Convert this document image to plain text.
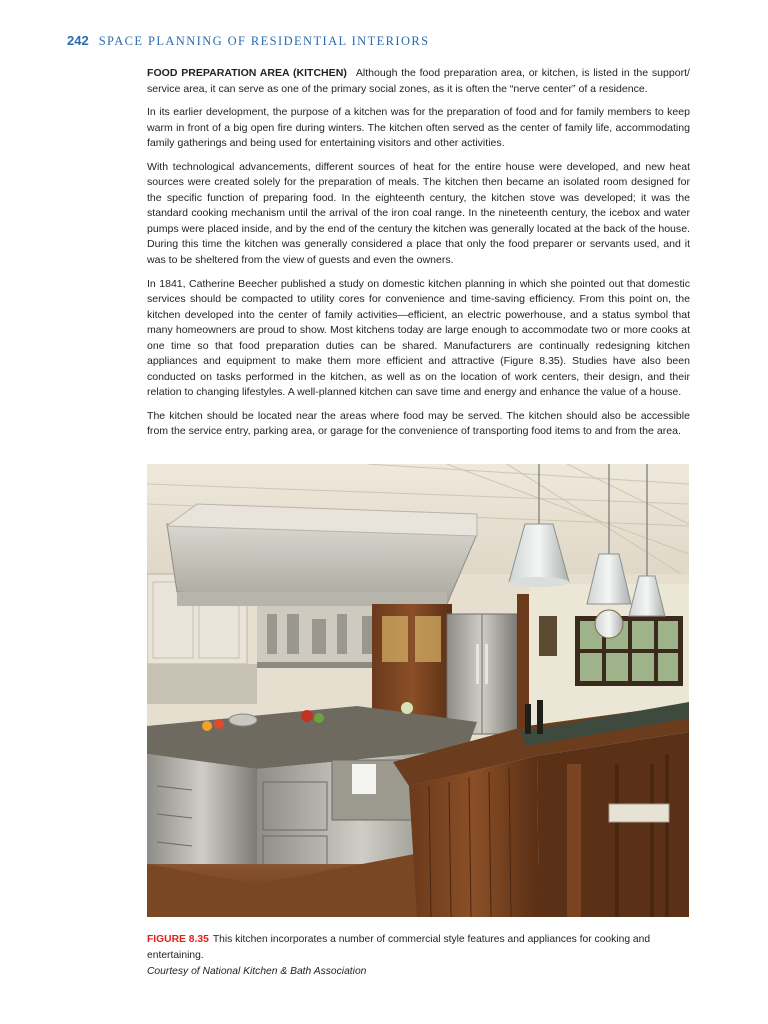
242 SPACE PLANNING OF RESIDENTIAL INTERIORS

FOOD PREPARATION AREA (KITCHEN) Although the food preparation area, or kitchen, is listed in the support/ service area, it can serve as one of the primary social zones, as it is often the “nerve center” of a residence.

In its earlier development, the purpose of a kitchen was for the preparation of food and for family members to keep warm in front of a big open fire during winters. The kitchen often served as the center of family life, accommodating family gatherings and being used for entertaining visitors and other activities.

With technological advancements, different sources of heat for the entire house were developed, and new heat sources were created solely for the preparation of meals. The kitchen then became an isolated room designed for the specific function of preparing food. In the eighteenth century, the kitchen stove was developed; it was the standard cooking mechanism until the arrival of the iron coal range. In the nineteenth century, the icebox and water pumps were placed inside, and by the end of the century the kitchen was generally located at the back of the house. During this time the kitchen was generally considered a place that only the food preparer or servants used, and it was to be sheltered from the view of guests and even the owners.

In 1841, Catherine Beecher published a study on domestic kitchen planning in which she pointed out that domestic services should be compacted to utility cores for convenience and time-saving efficiency. From this point on, the kitchen developed into the center of family activities—efficient, an electric powerhouse, and a status symbol that many homeowners are proud to show. Most kitchens today are large enough to accommodate two or more cooks at one time so that food preparation duties can be shared. Manufacturers are continually redesigning kitchen appliances and equipment to make them more efficient and attractive (Figure 8.35). Studies have also been conducted on tasks performed in the kitchen, as well as on the location of work centers, their design, and their relation to changing lifestyles. A well-planned kitchen can save time and energy and enhance the value of a house.

The kitchen should be located near the areas where food may be served. The kitchen should also be accessible from the service entry, parking area, or garage for the convenience of transporting food items to and from the area.

FIGURE 8.35 This kitchen incorporates a number of commercial style features and appliances for cooking and entertaining.
Courtesy of National Kitchen & Bath Association
